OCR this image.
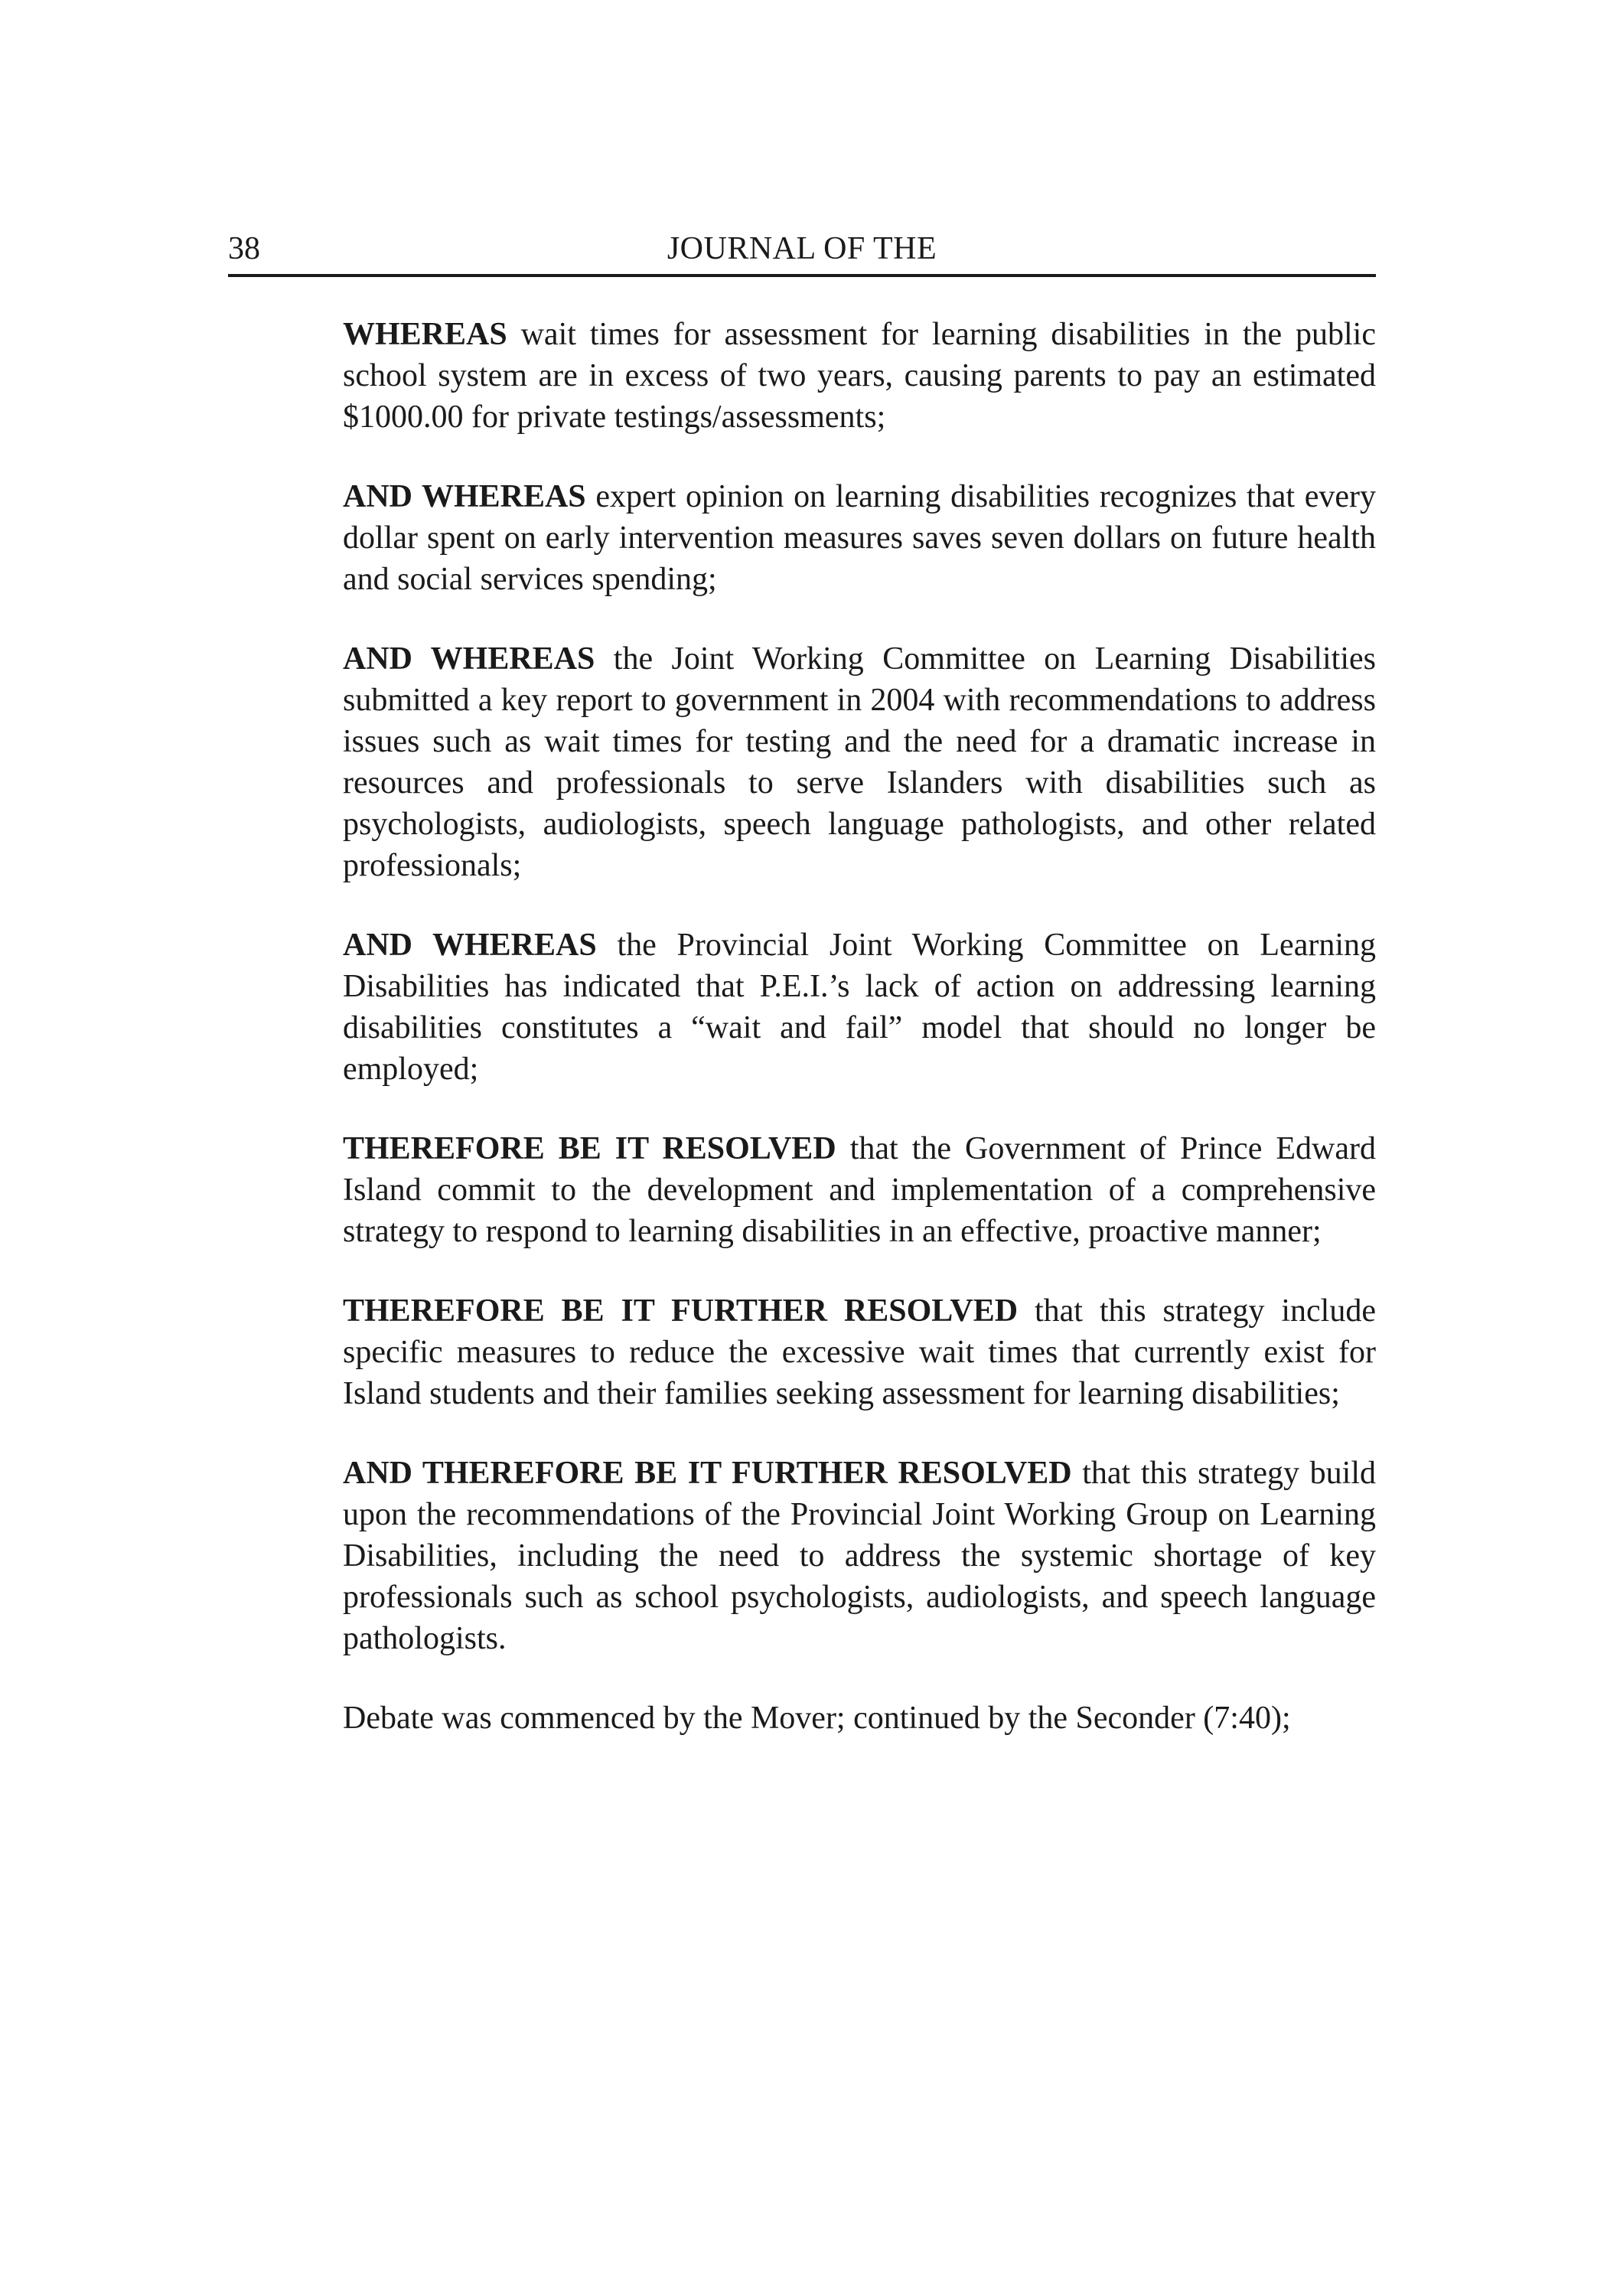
38	JOURNAL OF THE

WHEREAS wait times for assessment for learning disabilities in the public school system are in excess of two years, causing parents to pay an estimated $1000.00 for private testings/assessments;

AND WHEREAS expert opinion on learning disabilities recognizes that every dollar spent on early intervention measures saves seven dollars on future health and social services spending;

AND WHEREAS the Joint Working Committee on Learning Disabilities submitted a key report to government in 2004 with recommendations to address issues such as wait times for testing and the need for a dramatic increase in resources and professionals to serve Islanders with disabilities such as psychologists, audiologists, speech language pathologists, and other related professionals;

AND WHEREAS the Provincial Joint Working Committee on Learning Disabilities has indicated that P.E.I.’s lack of action on addressing learning disabilities constitutes a “wait and fail” model that should no longer be employed;

THEREFORE BE IT RESOLVED that the Government of Prince Edward Island commit to the development and implementation of a comprehensive strategy to respond to learning disabilities in an effective, proactive manner;

THEREFORE BE IT FURTHER RESOLVED that this strategy include specific measures to reduce the excessive wait times that currently exist for Island students and their families seeking assessment for learning disabilities;

AND THEREFORE BE IT FURTHER RESOLVED that this strategy build upon the recommendations of the Provincial Joint Working Group on Learning Disabilities, including the need to address the systemic shortage of key professionals such as school psychologists, audiologists, and speech language pathologists.

Debate was commenced by the Mover; continued by the Seconder (7:40);
